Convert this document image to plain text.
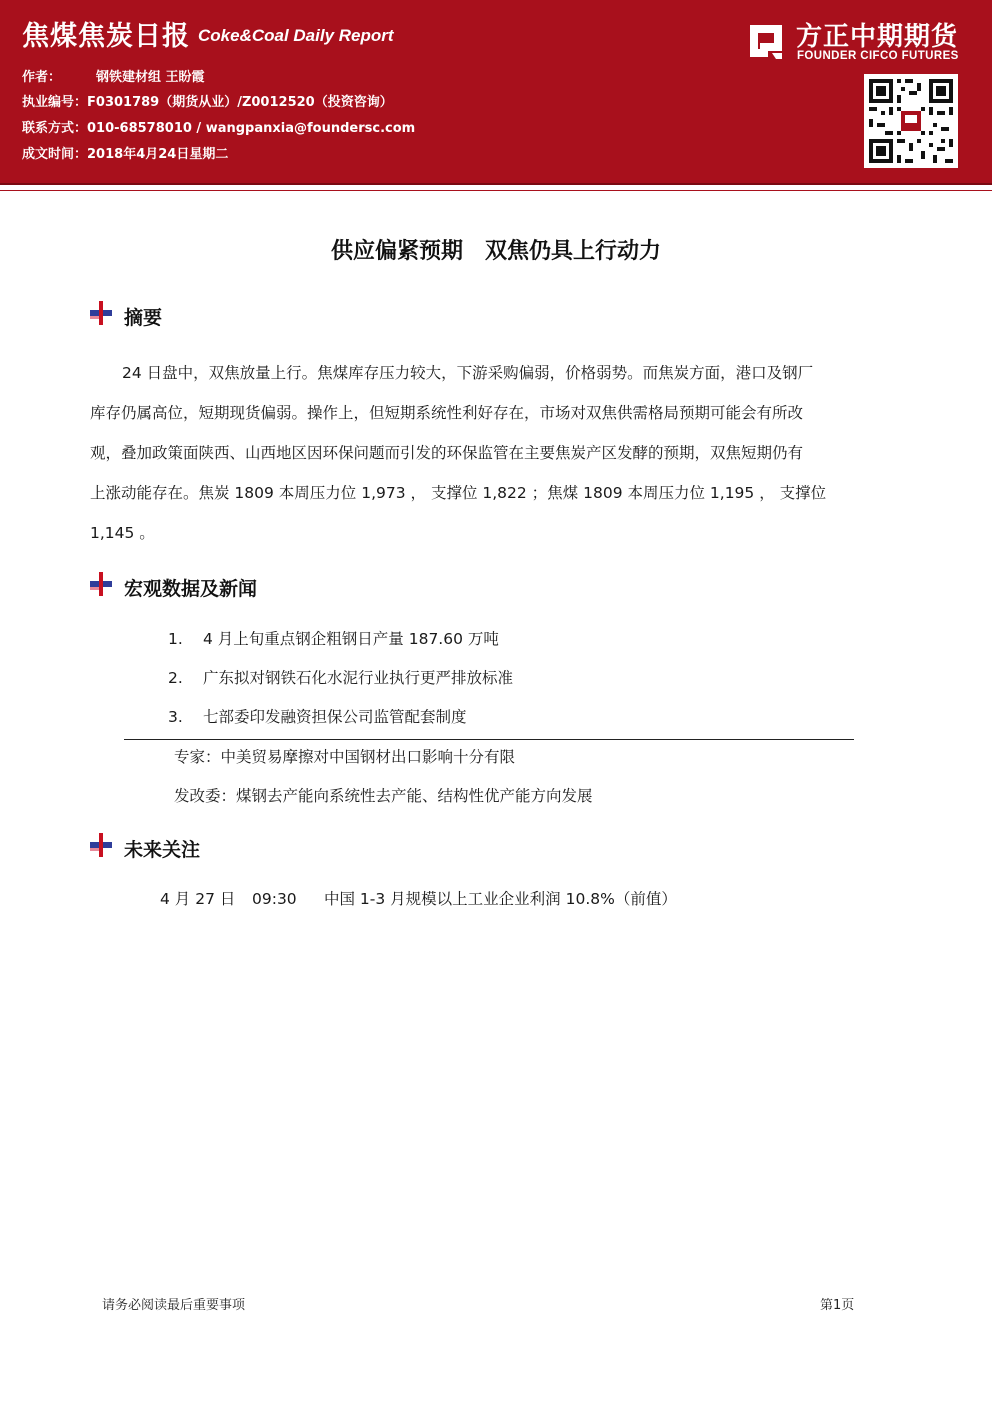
焦煤焦炭日报 Coke&Coal Daily Report
作者：	钢铁建材组 王盼霞
执业编号：F0301789（期货从业）/Z0012520（投资咨询）
联系方式：010-68578010 / wangpanxia@foundersc.com
成文时间：2018年4月24日星期二
方正中期期货
FOUNDER CIFCO FUTURES
供应偏紧预期　双焦仍具上行动力
摘要
24 日盘中，双焦放量上行。焦煤库存压力较大，下游采购偏弱，价格弱势。而焦炭方面，港口及钢厂
库存仍属高位，短期现货偏弱。操作上，但短期系统性利好存在，市场对双焦供需格局预期可能会有所改
观，叠加政策面陕西、山西地区因环保问题而引发的环保监管在主要焦炭产区发酵的预期，双焦短期仍有
上涨动能存在。焦炭 1809 本周压力位 1,973 ， 支撑位 1,822 ；焦煤 1809 本周压力位 1,195 ， 支撑位
1,145 。
宏观数据及新闻
1. 4 月上旬重点钢企粗钢日产量 187.60 万吨
2. 广东拟对钢铁石化水泥行业执行更严排放标准
3. 七部委印发融资担保公司监管配套制度
专家：中美贸易摩擦对中国钢材出口影响十分有限
发改委：煤钢去产能向系统性去产能、结构性优产能方向发展
未来关注
4 月 27 日 09:30 中国 1-3 月规模以上工业企业利润 10.8%（前值）
请务必阅读最后重要事项	第1页
